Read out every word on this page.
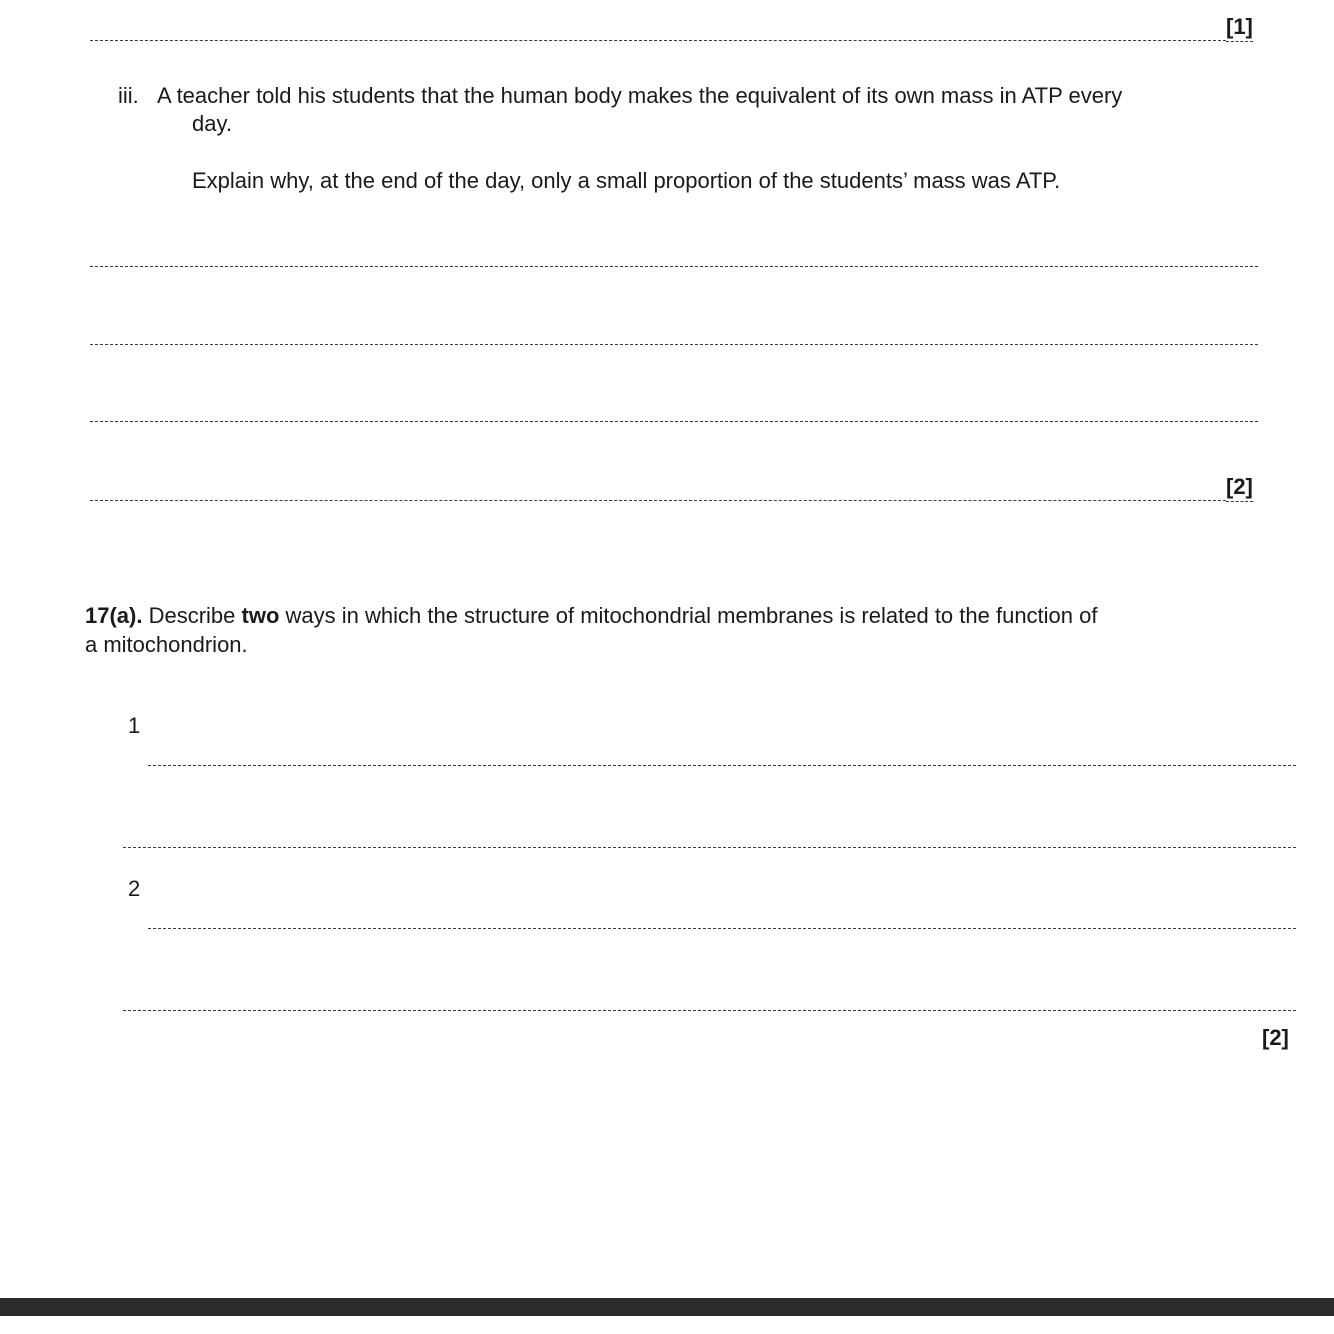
[1]
iii. A teacher told his students that the human body makes the equivalent of its own mass in ATP every
day.
Explain why, at the end of the day, only a small proportion of the students’ mass was ATP.
[2]
17(a). Describe two ways in which the structure of mitochondrial membranes is related to the function of
a mitochondrion.
1
2
[2]
